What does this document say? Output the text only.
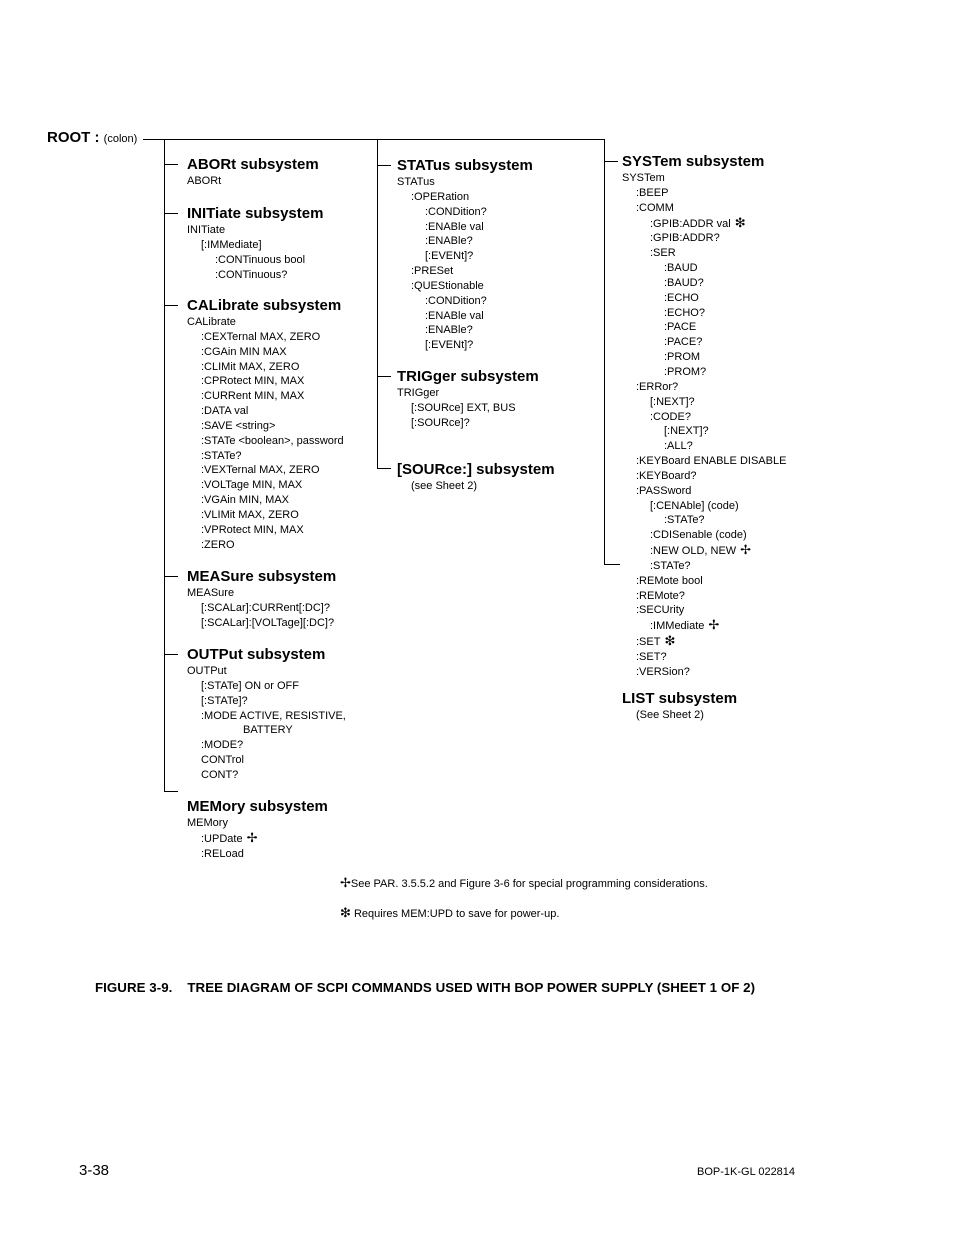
ROOT : (colon)
ABORt subsystem
ABORt
INITiate subsystem
INITiate
[:IMMediate]
:CONTinuous bool
:CONTinuous?
CALibrate subsystem
CALibrate
:CEXTernal MAX, ZERO
:CGAin MIN MAX
:CLIMit MAX, ZERO
:CPRotect MIN, MAX
:CURRent MIN, MAX
:DATA val
:SAVE <string>
:STATe <boolean>, password
:STATe?
:VEXTernal MAX, ZERO
:VOLTage MIN, MAX
:VGAin MIN, MAX
:VLIMit MAX, ZERO
:VPRotect MIN, MAX
:ZERO
MEASure subsystem
MEASure
[:SCALar]:CURRent[:DC]?
[:SCALar]:[VOLTage][:DC]?
OUTPut subsystem
OUTPut
[:STATe] ON or OFF
[:STATe]?
:MODE ACTIVE, RESISTIVE,
BATTERY
:MODE?
CONTrol
CONT?
MEMory subsystem
MEMory
:UPDate ✢
:RELoad
STATus subsystem
STATus
:OPERation
:CONDition?
:ENABle val
:ENABle?
[:EVENt]?
:PRESet
:QUEStionable
:CONDition?
:ENABle val
:ENABle?
[:EVENt]?
TRIGger subsystem
TRIGger
[:SOURce] EXT, BUS
[:SOURce]?
[SOURce:] subsystem
(see Sheet 2)
SYSTem subsystem
SYSTem
:BEEP
:COMM
:GPIB:ADDR val ❇
:GPIB:ADDR?
:SER
:BAUD
:BAUD?
:ECHO
:ECHO?
:PACE
:PACE?
:PROM
:PROM?
:ERRor?
[:NEXT]?
:CODE?
[:NEXT]?
:ALL?
:KEYBoard ENABLE DISABLE
:KEYBoard?
:PASSword
[:CENAble] (code)
:STATe?
:CDISenable (code)
:NEW OLD, NEW ✢
:STATe?
:REMote bool
:REMote?
:SECUrity
:IMMediate ✢
:SET ❇
:SET?
:VERSion?
LIST subsystem
(See Sheet 2)
✢See PAR. 3.5.5.2 and Figure 3-6 for special programming considerations.
❇ Requires MEM:UPD to save for power-up.
FIGURE 3-9.    TREE DIAGRAM OF SCPI COMMANDS USED WITH BOP POWER SUPPLY (SHEET 1 OF 2)
3-38	BOP-1K-GL 022814
